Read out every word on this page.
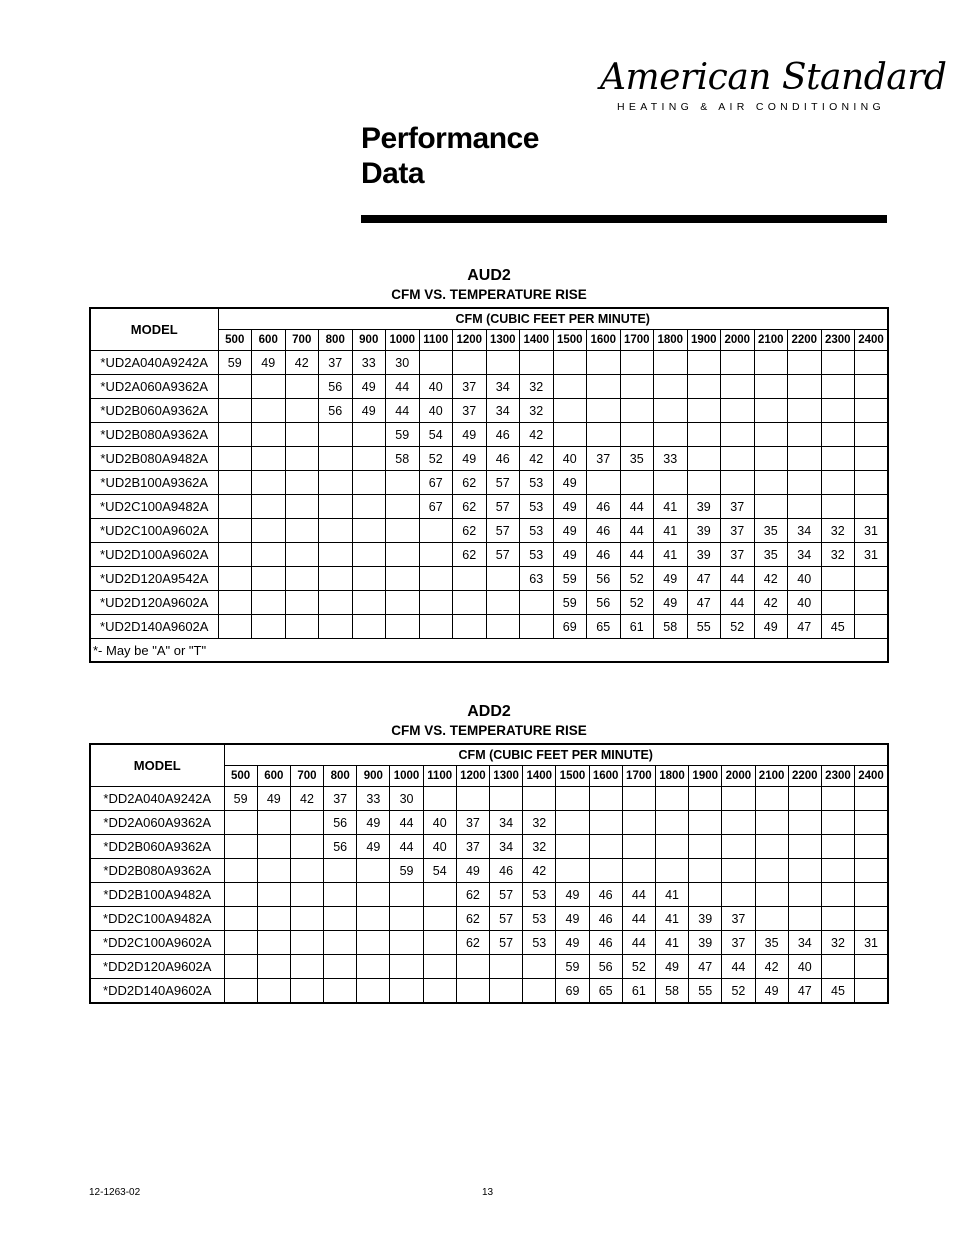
American Standard
HEATING & AIR CONDITIONING
Performance
Data
AUD2
CFM VS. TEMPERATURE RISE
MODEL	CFM (CUBIC FEET PER MINUTE)																			
	500	600	700	800	900	1000	1100	1200	1300	1400	1500	1600	1700	1800	1900	2000	2100	2200	2300	2400
*UD2A040A9242A	59	49	42	37	33	30														
*UD2A060A9362A				56	49	44	40	37	34	32										
*UD2B060A9362A				56	49	44	40	37	34	32										
*UD2B080A9362A						59	54	49	46	42										
*UD2B080A9482A						58	52	49	46	42	40	37	35	33						
*UD2B100A9362A							67	62	57	53	49									
*UD2C100A9482A							67	62	57	53	49	46	44	41	39	37				
*UD2C100A9602A								62	57	53	49	46	44	41	39	37	35	34	32	31
*UD2D100A9602A								62	57	53	49	46	44	41	39	37	35	34	32	31
*UD2D120A9542A										63	59	56	52	49	47	44	42	40		
*UD2D120A9602A											59	56	52	49	47	44	42	40		
*UD2D140A9602A											69	65	61	58	55	52	49	47	45	
*- May be "A" or "T"																				
ADD2
CFM VS. TEMPERATURE RISE
MODEL	CFM (CUBIC FEET PER MINUTE)																			
	500	600	700	800	900	1000	1100	1200	1300	1400	1500	1600	1700	1800	1900	2000	2100	2200	2300	2400
*DD2A040A9242A	59	49	42	37	33	30														
*DD2A060A9362A				56	49	44	40	37	34	32										
*DD2B060A9362A				56	49	44	40	37	34	32										
*DD2B080A9362A						59	54	49	46	42										
*DD2B100A9482A								62	57	53	49	46	44	41						
*DD2C100A9482A								62	57	53	49	46	44	41	39	37				
*DD2C100A9602A								62	57	53	49	46	44	41	39	37	35	34	32	31
*DD2D120A9602A											59	56	52	49	47	44	42	40		
*DD2D140A9602A											69	65	61	58	55	52	49	47	45	
12-1263-02	13
